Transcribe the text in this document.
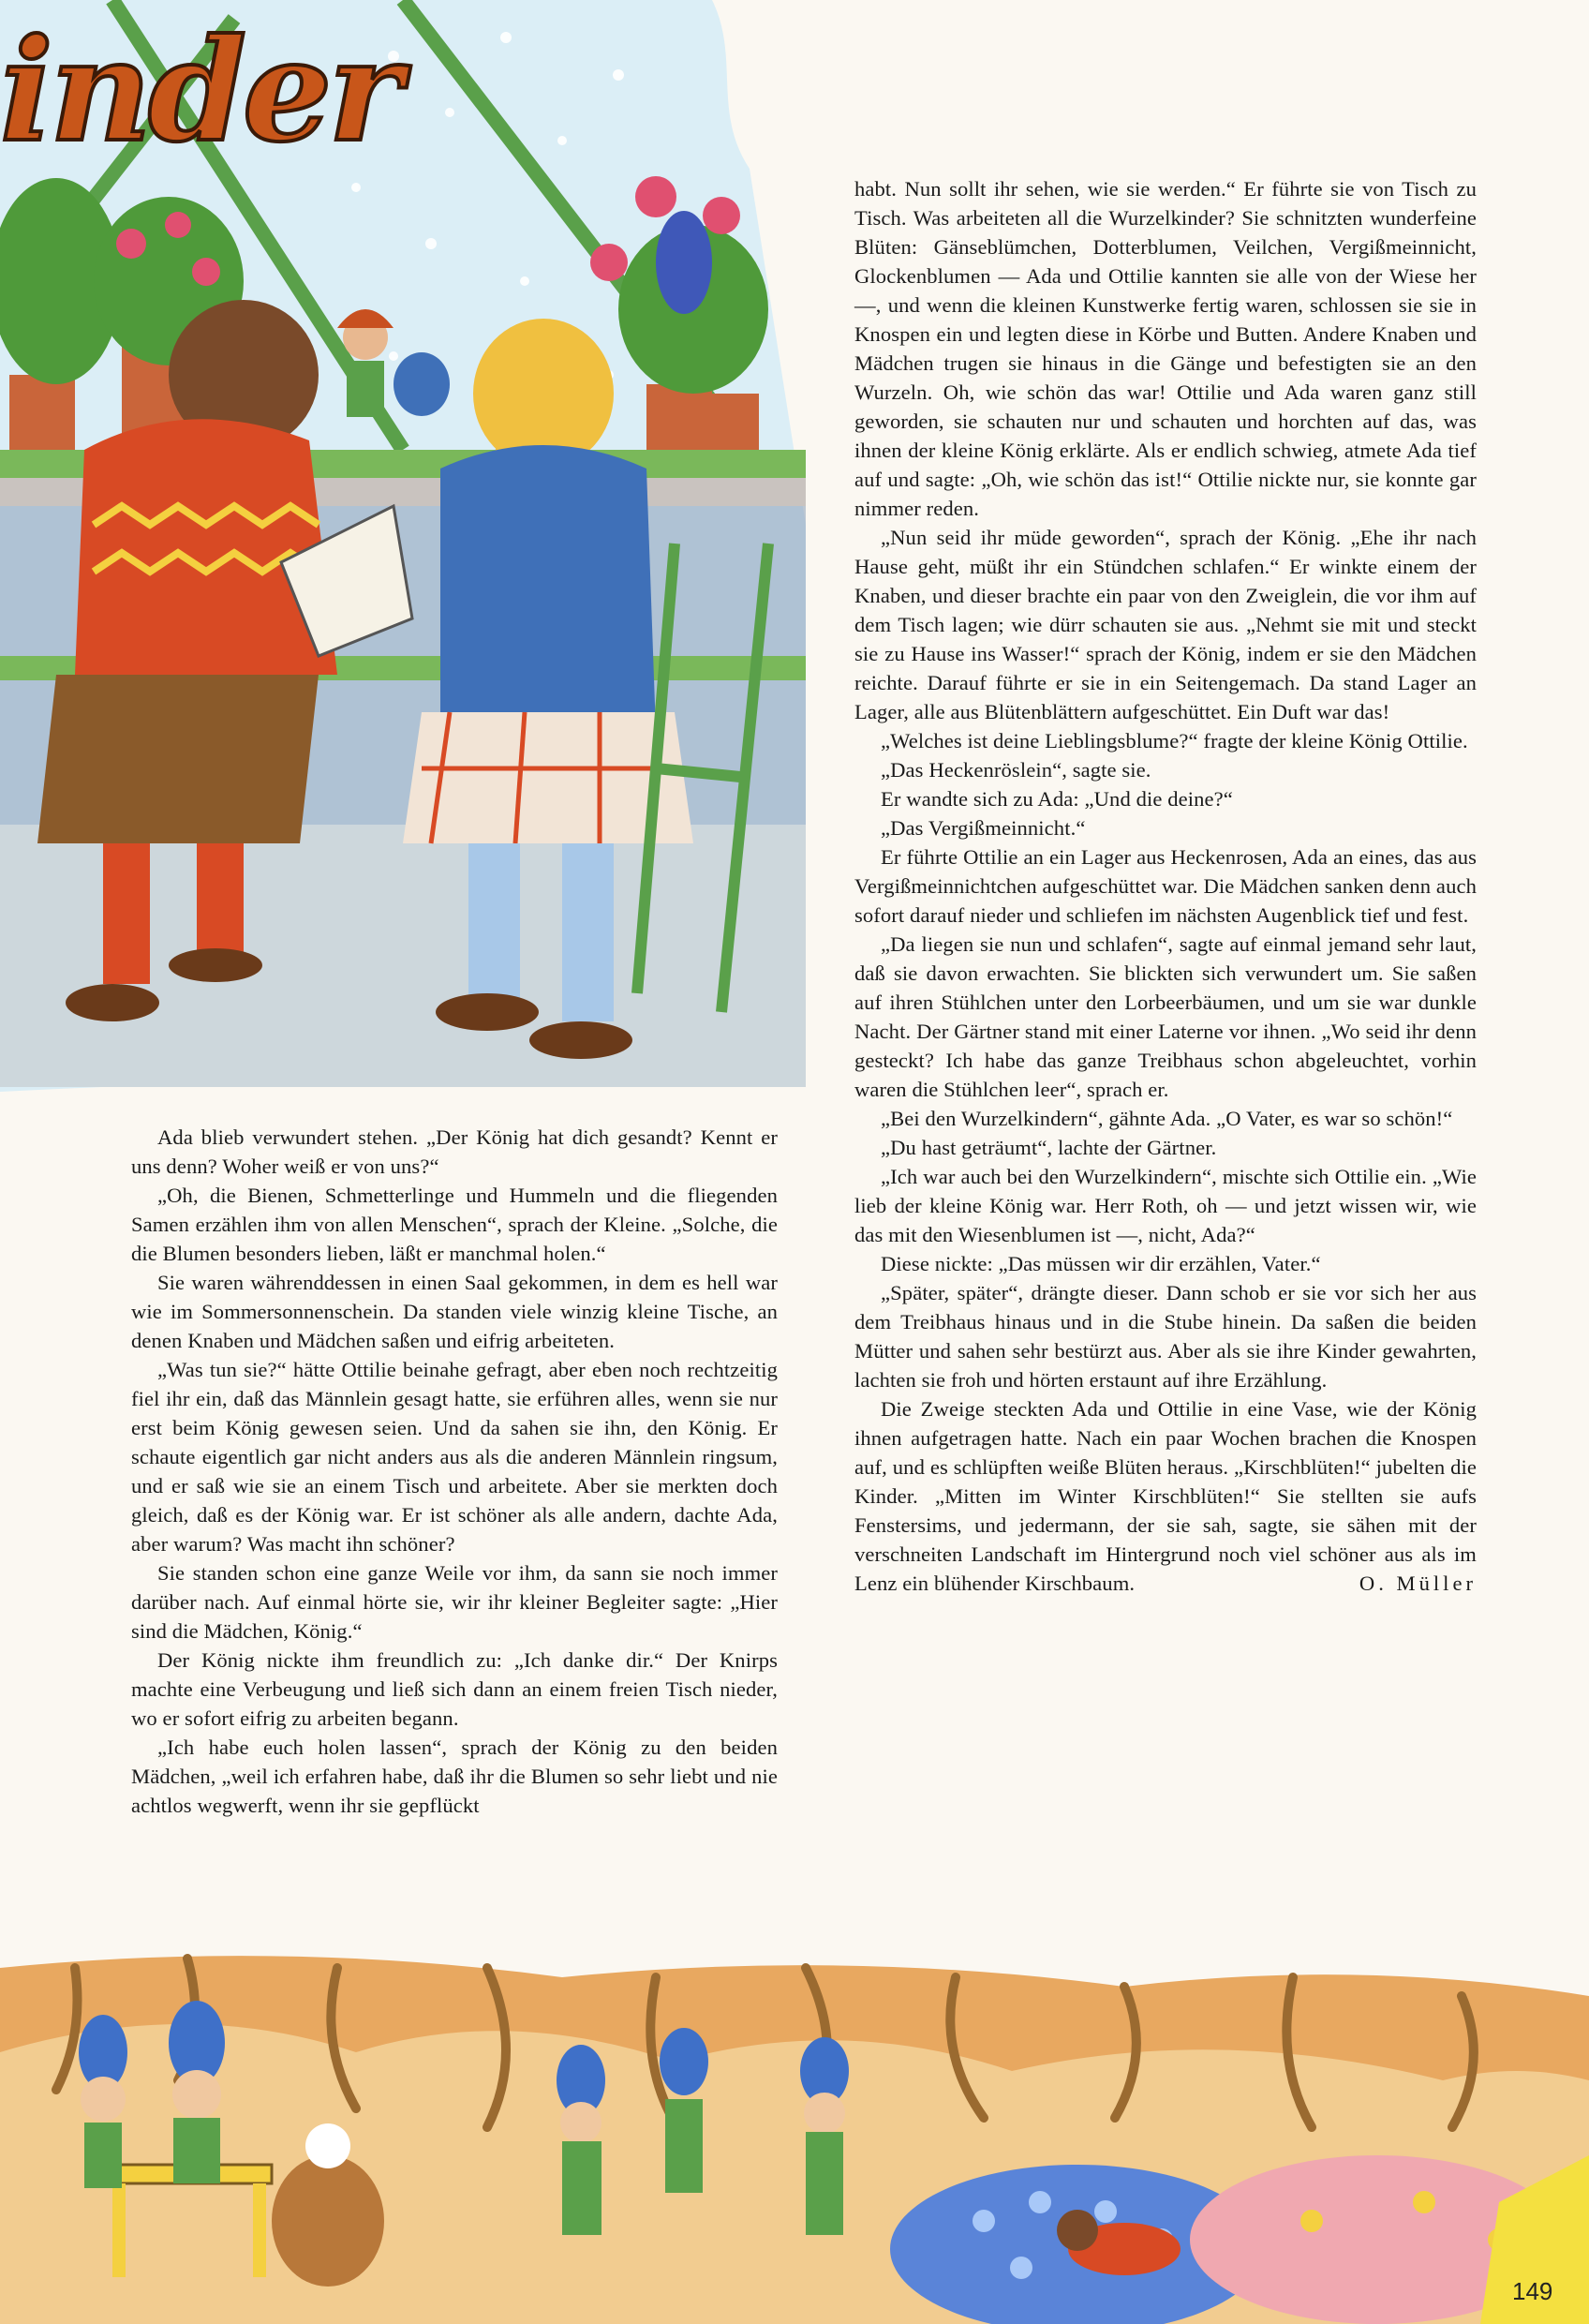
inder

habt. Nun sollt ihr sehen, wie sie werden.“ Er führte sie von Tisch zu Tisch. Was arbeiteten all die Wurzelkinder? Sie schnitzten wunderfeine Blüten: Gänseblümchen, Dotterblumen, Veilchen, Vergißmeinnicht, Glockenblumen — Ada und Ottilie kannten sie alle von der Wiese her —, und wenn die kleinen Kunstwerke fertig waren, schlossen sie sie in Knospen ein und legten diese in Körbe und Butten. Andere Knaben und Mädchen trugen sie hinaus in die Gänge und befestigten sie an den Wurzeln. Oh, wie schön das war! Ottilie und Ada waren ganz still geworden, sie schauten nur und schauten und horchten auf das, was ihnen der kleine König erklärte. Als er endlich schwieg, atmete Ada tief auf und sagte: „Oh, wie schön das ist!“ Ottilie nickte nur, sie konnte gar nimmer reden.

„Nun seid ihr müde geworden“, sprach der König. „Ehe ihr nach Hause geht, müßt ihr ein Stündchen schlafen.“ Er winkte einem der Knaben, und dieser brachte ein paar von den Zweiglein, die vor ihm auf dem Tisch lagen; wie dürr schauten sie aus. „Nehmt sie mit und steckt sie zu Hause ins Wasser!“ sprach der König, indem er sie den Mädchen reichte. Darauf führte er sie in ein Seitengemach. Da stand Lager an Lager, alle aus Blütenblättern aufgeschüttet. Ein Duft war das!

„Welches ist deine Lieblingsblume?“ fragte der kleine König Ottilie.

„Das Heckenröslein“, sagte sie.

Er wandte sich zu Ada: „Und die deine?“

„Das Vergißmeinnicht.“

Er führte Ottilie an ein Lager aus Heckenrosen, Ada an eines, das aus Vergißmeinnichtchen aufgeschüttet war. Die Mädchen sanken denn auch sofort darauf nieder und schliefen im nächsten Augenblick tief und fest.

„Da liegen sie nun und schlafen“, sagte auf einmal jemand sehr laut, daß sie davon erwachten. Sie blickten sich verwundert um. Sie saßen auf ihren Stühlchen unter den Lorbeerbäumen, und um sie war dunkle Nacht. Der Gärtner stand mit einer Laterne vor ihnen. „Wo seid ihr denn gesteckt? Ich habe das ganze Treibhaus schon abgeleuchtet, vorhin waren die Stühlchen leer“, sprach er.

„Bei den Wurzelkindern“, gähnte Ada. „O Vater, es war so schön!“

„Du hast geträumt“, lachte der Gärtner.

„Ich war auch bei den Wurzelkindern“, mischte sich Ottilie ein. „Wie lieb der kleine König war. Herr Roth, oh — und jetzt wissen wir, wie das mit den Wiesenblumen ist —, nicht, Ada?“

Diese nickte: „Das müssen wir dir erzählen, Vater.“

„Später, später“, drängte dieser. Dann schob er sie vor sich her aus dem Treibhaus hinaus und in die Stube hinein. Da saßen die beiden Mütter und sahen sehr bestürzt aus. Aber als sie ihre Kinder gewahrten, lachten sie froh und hörten erstaunt auf ihre Erzählung.

Die Zweige steckten Ada und Ottilie in eine Vase, wie der König ihnen aufgetragen hatte. Nach ein paar Wochen brachen die Knospen auf, und es schlüpften weiße Blüten heraus. „Kirschblüten!“ jubelten die Kinder. „Mitten im Winter Kirschblüten!“ Sie stellten sie aufs Fenstersims, und jedermann, der sie sah, sagte, sie sähen mit der verschneiten Landschaft im Hintergrund noch viel schöner aus als im Lenz ein blühender Kirschbaum.	O. Müller

Ada blieb verwundert stehen. „Der König hat dich gesandt? Kennt er uns denn? Woher weiß er von uns?“

„Oh, die Bienen, Schmetterlinge und Hummeln und die fliegenden Samen erzählen ihm von allen Menschen“, sprach der Kleine. „Solche, die die Blumen besonders lieben, läßt er manchmal holen.“

Sie waren währenddessen in einen Saal gekommen, in dem es hell war wie im Sommersonnenschein. Da standen viele winzig kleine Tische, an denen Knaben und Mädchen saßen und eifrig arbeiteten.

„Was tun sie?“ hätte Ottilie beinahe gefragt, aber eben noch rechtzeitig fiel ihr ein, daß das Männlein gesagt hatte, sie erführen alles, wenn sie nur erst beim König gewesen seien. Und da sahen sie ihn, den König. Er schaute eigentlich gar nicht anders aus als die anderen Männlein ringsum, und er saß wie sie an einem Tisch und arbeitete. Aber sie merkten doch gleich, daß es der König war. Er ist schöner als alle andern, dachte Ada, aber warum? Was macht ihn schöner?

Sie standen schon eine ganze Weile vor ihm, da sann sie noch immer darüber nach. Auf einmal hörte sie, wir ihr kleiner Begleiter sagte: „Hier sind die Mädchen, König.“

Der König nickte ihm freundlich zu: „Ich danke dir.“ Der Knirps machte eine Verbeugung und ließ sich dann an einem freien Tisch nieder, wo er sofort eifrig zu arbeiten begann.

„Ich habe euch holen lassen“, sprach der König zu den beiden Mädchen, „weil ich erfahren habe, daß ihr die Blumen so sehr liebt und nie achtlos wegwerft, wenn ihr sie gepflückt

149
